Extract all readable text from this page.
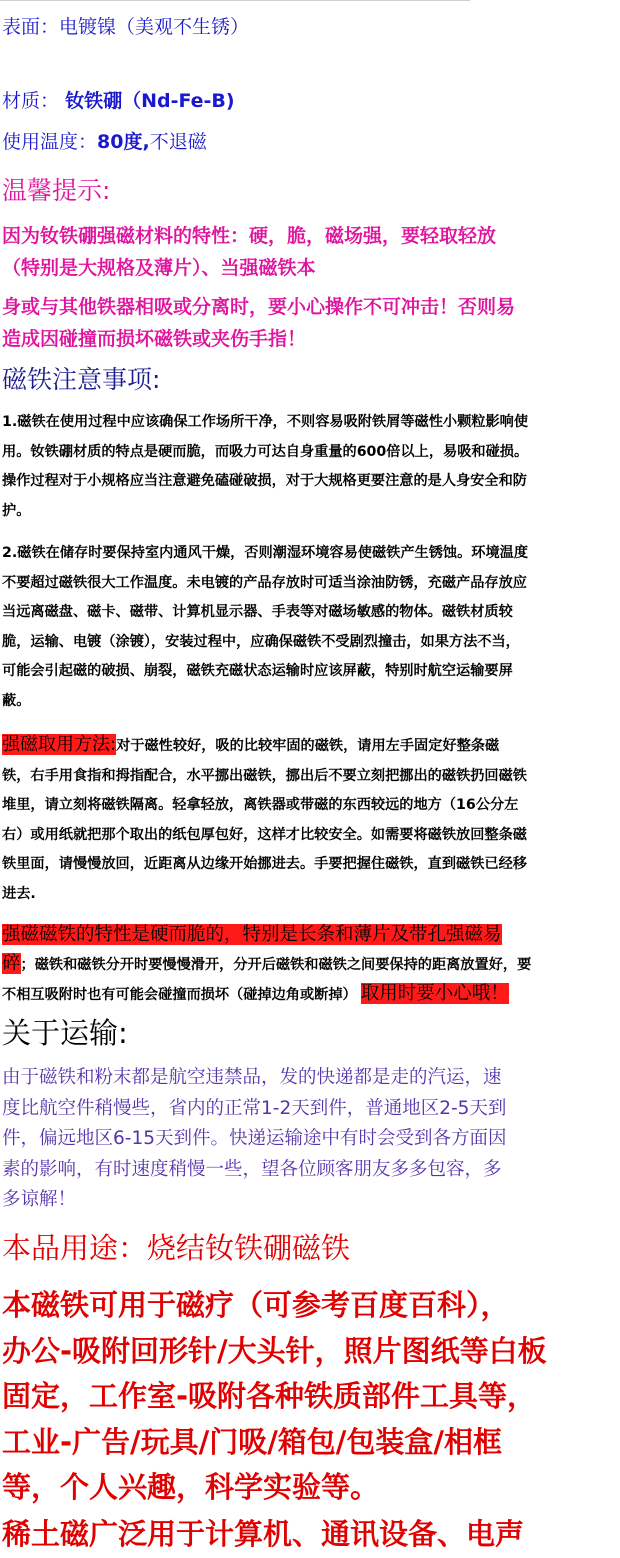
表面：电镀镍（美观不生锈）

材质： 钕铁硼（Nd-Fe-B)

使用温度：80度,不退磁

温馨提示:

因为钕铁硼强磁材料的特性：硬，脆，磁场强，要轻取轻放
（特别是大规格及薄片）、当强磁铁本
身或与其他铁器相吸或分离时，要小心操作不可冲击！否则易
造成因碰撞而损坏磁铁或夹伤手指！

磁铁注意事项:

1.磁铁在使用过程中应该确保工作场所干净，不则容易吸附铁屑等磁性小颗粒影响使
用。钕铁硼材质的特点是硬而脆，而吸力可达自身重量的600倍以上，易吸和碰损。
操作过程对于小规格应当注意避免磕碰破损，对于大规格更要注意的是人身安全和防
护。
2.磁铁在储存时要保持室内通风干燥，否则潮湿环境容易使磁铁产生锈蚀。环境温度
不要超过磁铁很大工作温度。未电镀的产品存放时可适当涂油防锈，充磁产品存放应
当远离磁盘、磁卡、磁带、计算机显示器、手表等对磁场敏感的物体。磁铁材质较
脆，运输、电镀（涂镀），安装过程中，应确保磁铁不受剧烈撞击，如果方法不当，
可能会引起磁的破损、崩裂，磁铁充磁状态运输时应该屏蔽，特别时航空运输要屏
蔽。
强磁取用方法:对于磁性较好，吸的比较牢固的磁铁，请用左手固定好整条磁
铁，右手用食指和拇指配合，水平挪出磁铁，挪出后不要立刻把挪出的磁铁扔回磁铁
堆里，请立刻将磁铁隔离。轻拿轻放，离铁器或带磁的东西较远的地方（16公分左
右）或用纸就把那个取出的纸包厚包好，这样才比较安全。如需要将磁铁放回整条磁
铁里面，请慢慢放回，近距离从边缘开始挪进去。手要把握住磁铁，直到磁铁已经移
进去.
强磁磁铁的特性是硬而脆的，特别是长条和薄片及带孔强磁易
碎；磁铁和磁铁分开时要慢慢滑开，分开后磁铁和磁铁之间要保持的距离放置好，要
不相互吸附时也有可能会碰撞而损坏（碰掉边角或断掉） 取用时要小心哦！

关于运输:

由于磁铁和粉末都是航空违禁品，发的快递都是走的汽运，速
度比航空件稍慢些，省内的正常1-2天到件，普通地区2-5天到
件，偏远地区6-15天到件。快递运输途中有时会受到各方面因
素的影响，有时速度稍慢一些，望各位顾客朋友多多包容，多
多谅解！

本品用途：烧结钕铁硼磁铁

本磁铁可用于磁疗（可参考百度百科），
办公-吸附回形针/大头针，照片图纸等白板
固定，工作室-吸附各种铁质部件工具等，
工业-广告/玩具/门吸/箱包/包装盒/相框
等，个人兴趣，科学实验等。
稀土磁广泛用于计算机、通讯设备、电声
